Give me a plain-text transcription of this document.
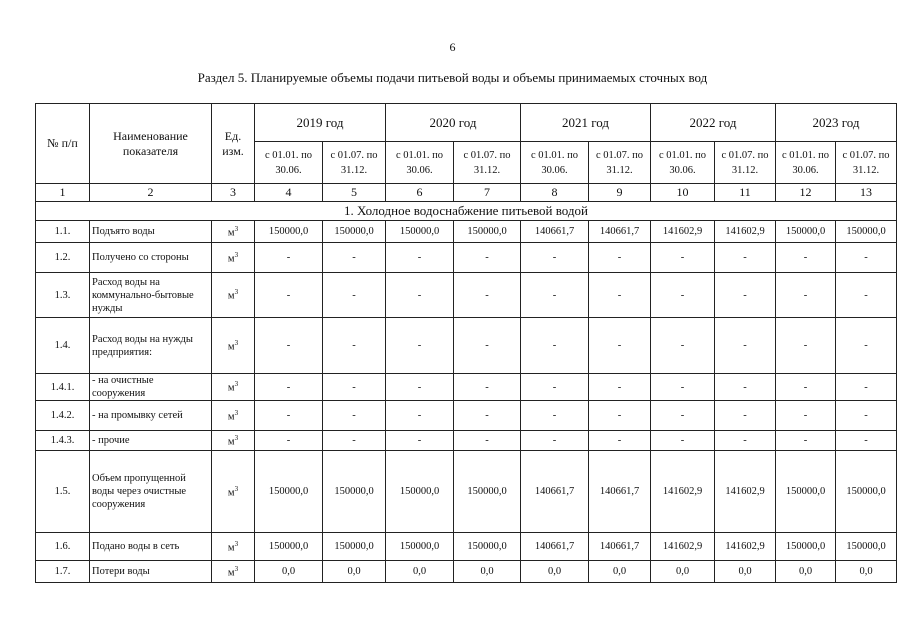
6
Раздел 5. Планируемые объемы подачи питьевой воды и объемы принимаемых сточных вод
№ п/п	Наименование показателя	Ед. изм.	2019 год		2020 год		2021 год		2022 год		2023 год	
			с 01.01. по 30.06.	с 01.07. по 31.12.	с 01.01. по 30.06.	с 01.07. по 31.12.	с 01.01. по 30.06.	с 01.07. по 31.12.	с 01.01. по 30.06.	с 01.07. по 31.12.	с 01.01. по 30.06.	с 01.07. по 31.12.
1	2	3	4	5	6	7	8	9	10	11	12	13
1. Холодное водоснабжение питьевой водой												
1.1.	Подъято воды	$м^3$	150000,0	150000,0	150000,0	150000,0	140661,7	140661,7	141602,9	141602,9	150000,0	150000,0
1.2.	Получено со стороны	$м^3$	-	-	-	-	-	-	-	-	-	-
1.3.	Расход воды на коммунально-бытовые нужды	$м^3$	-	-	-	-	-	-	-	-	-	-
1.4.	Расход воды на нужды предприятия:	$м^3$	-	-	-	-	-	-	-	-	-	-
1.4.1.	- на очистные сооружения	$м^3$	-	-	-	-	-	-	-	-	-	-
1.4.2.	- на промывку сетей	$м^3$	-	-	-	-	-	-	-	-	-	-
1.4.3.	- прочие	$м^3$	-	-	-	-	-	-	-	-	-	-
1.5.	Объем пропущенной воды через очистные сооружения	$м^3$	150000,0	150000,0	150000,0	150000,0	140661,7	140661,7	141602,9	141602,9	150000,0	150000,0
1.6.	Подано воды в сеть	$м^3$	150000,0	150000,0	150000,0	150000,0	140661,7	140661,7	141602,9	141602,9	150000,0	150000,0
1.7.	Потери воды	$м^3$	0,0	0,0	0,0	0,0	0,0	0,0	0,0	0,0	0,0	0,0
